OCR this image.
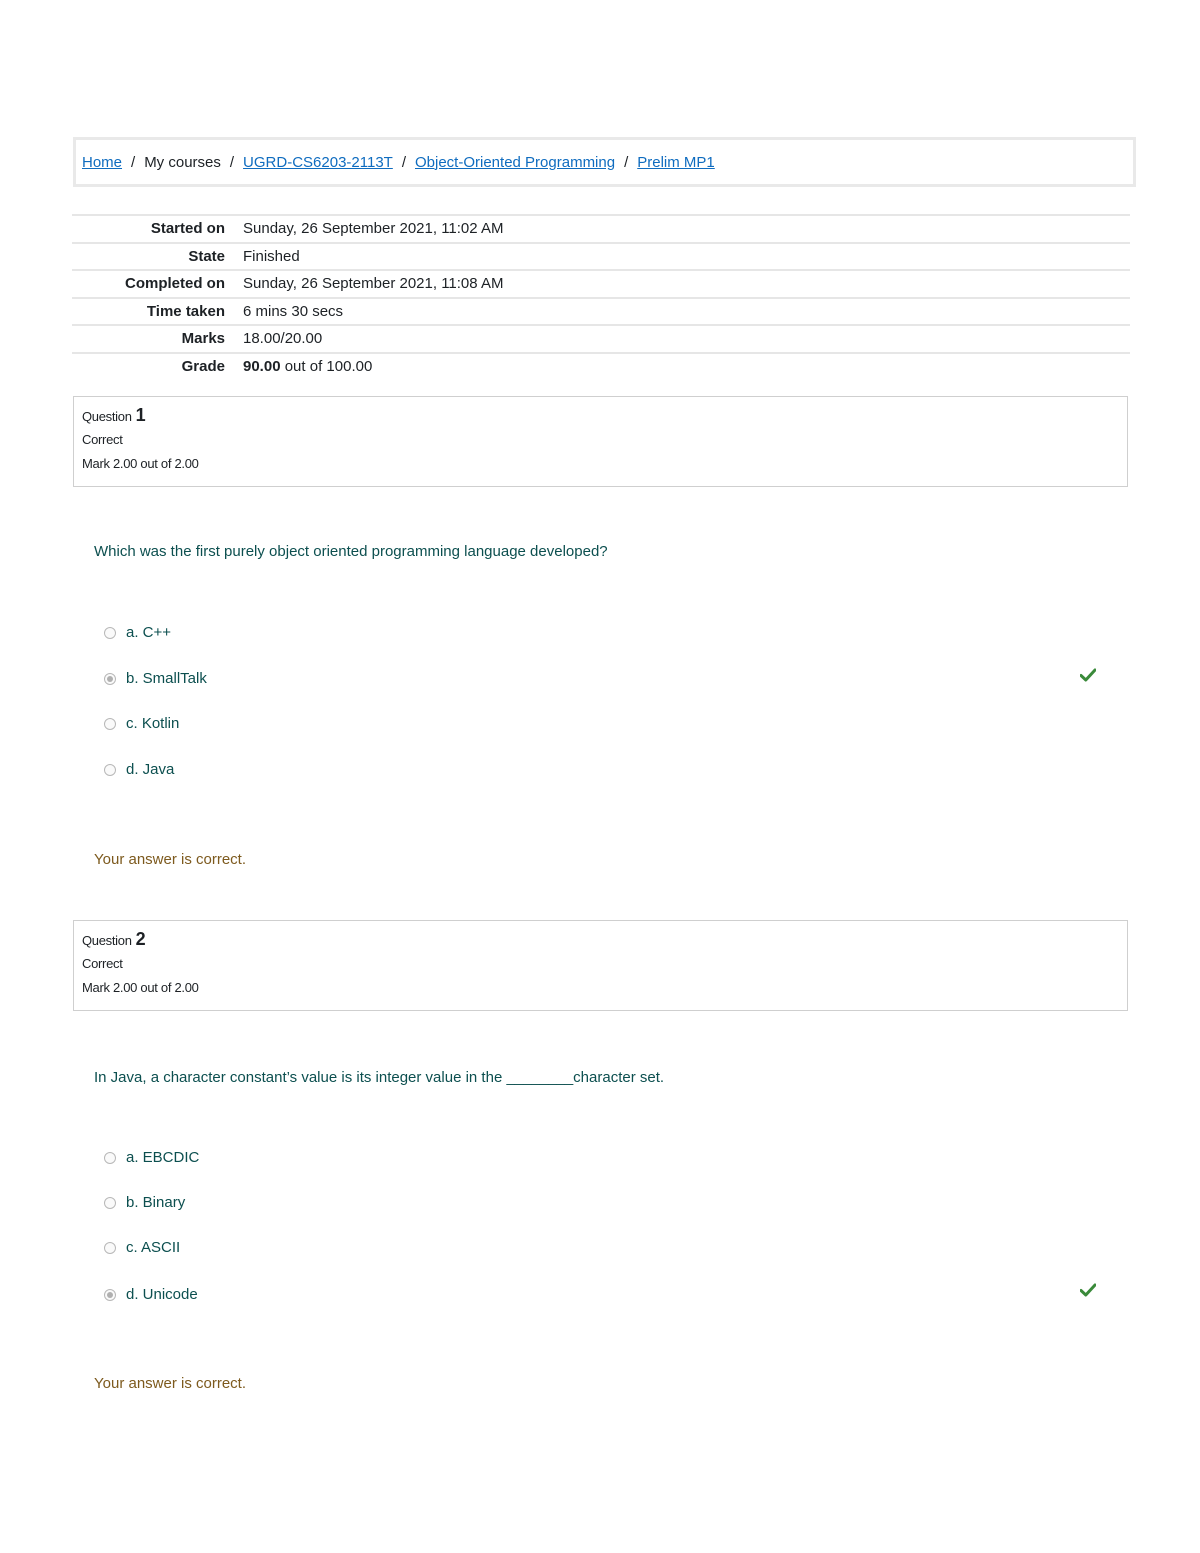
Home / My courses / UGRD-CS6203-2113T / Object-Oriented Programming / Prelim MP1
Started on	Sunday, 26 September 2021, 11:02 AM
State	Finished
Completed on	Sunday, 26 September 2021, 11:08 AM
Time taken	6 mins 30 secs
Marks	18.00/20.00
Grade	90.00 out of 100.00
Question 1
Correct
Mark 2.00 out of 2.00
Which was the first purely object oriented programming language developed?
a. C++
b. SmallTalk
c. Kotlin
d. Java
Your answer is correct.
Question 2
Correct
Mark 2.00 out of 2.00
In Java, a character constant’s value is its integer value in the ________character set.
a. EBCDIC
b. Binary
c. ASCII
d. Unicode
Your answer is correct.
